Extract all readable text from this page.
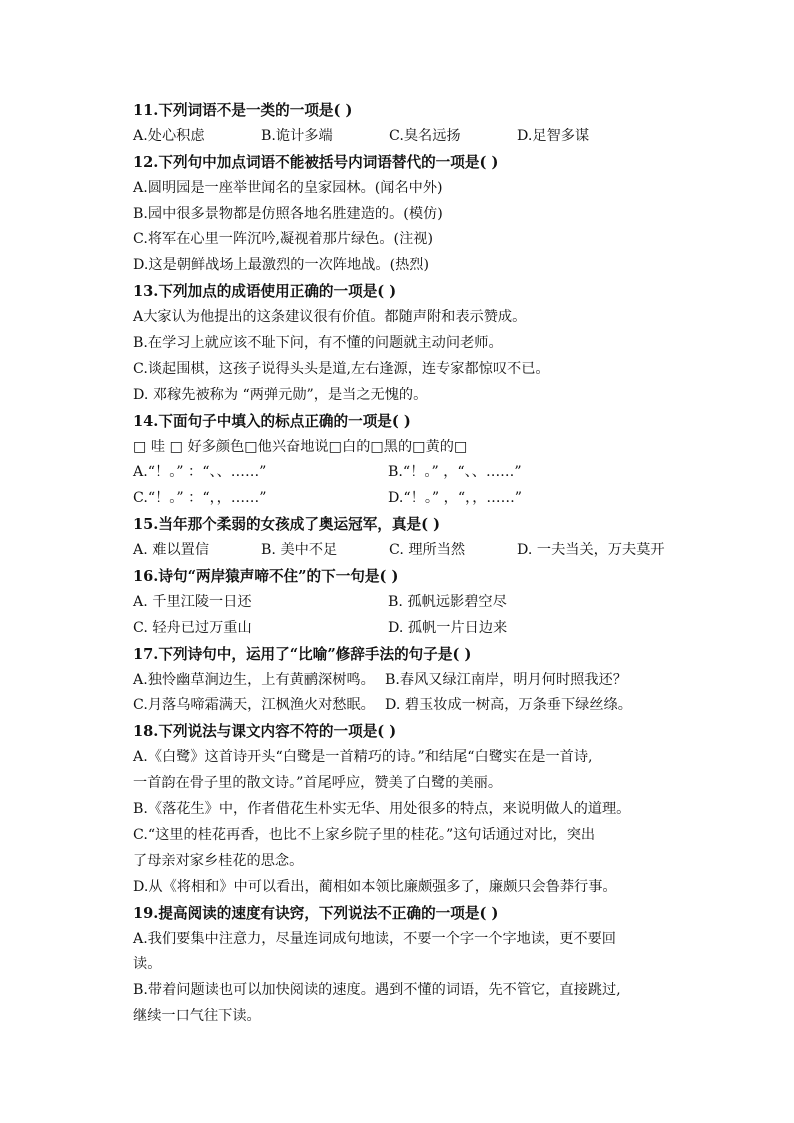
11.下列词语不是一类的一项是( )
A.处心积虑	B.诡计多端	C.臭名远扬	D.足智多谋
12.下列句中加点词语不能被括号内词语替代的一项是( )
A.圆明园是一座举世闻名的皇家园林。(闻名中外)
B.园中很多景物都是仿照各地名胜建造的。(模仿)
C.将军在心里一阵沉吟,凝视着那片绿色。(注视)
D.这是朝鲜战场上最激烈的一次阵地战。(热烈)
13.下列加点的成语使用正确的一项是( )
A大家认为他提出的这条建议很有价值。都随声附和表示赞成。
B.在学习上就应该不耻下问，有不懂的问题就主动问老师。
C.谈起围棋，这孩子说得头头是道,左右逢源，连专家都惊叹不已。
D. 邓稼先被称为 “两弹元勋”，是当之无愧的。
14.下面句子中填入的标点正确的一项是( )
□ 哇 □ 好多颜色□他兴奋地说□白的□黑的□黄的□
A.“！。” ：“、、……”	B.“！。” ，“、、……”
C.“！。” ：“，，……”	D.“！。” ，“，，……”
15.当年那个柔弱的女孩成了奥运冠军，真是( )
A. 难以置信	B. 美中不足	C. 理所当然	D. 一夫当关，万夫莫开
16.诗句“两岸猿声啼不住”的下一句是( )
A. 千里江陵一日还	B. 孤帆远影碧空尽
C. 轻舟已过万重山	D. 孤帆一片日边来
17.下列诗句中，运用了“比喻”修辞手法的句子是( )
A.独怜幽草涧边生，上有黄鹂深树鸣。 B.春风又绿江南岸，明月何时照我还？
C.月落乌啼霜满天，江枫渔火对愁眠。 D. 碧玉妆成一树高，万条垂下绿丝绦。
18.下列说法与课文内容不符的一项是( )
A.《白鹭》这首诗开头“白鹭是一首精巧的诗。”和结尾“白鹭实在是一首诗,
一首韵在骨子里的散文诗。”首尾呼应，赞美了白鹭的美丽。
B.《落花生》中，作者借花生朴实无华、用处很多的特点，来说明做人的道理。
C.“这里的桂花再香，也比不上家乡院子里的桂花。”这句话通过对比，突出
了母亲对家乡桂花的思念。
D.从《将相和》中可以看出，蔺相如本领比廉颇强多了，廉颇只会鲁莽行事。
19.提高阅读的速度有诀窍，下列说法不正确的一项是( )
A.我们要集中注意力，尽量连词成句地读，不要一个字一个字地读，更不要回
读。
B.带着问题读也可以加快阅读的速度。遇到不懂的词语，先不管它，直接跳过,
继续一口气往下读。
